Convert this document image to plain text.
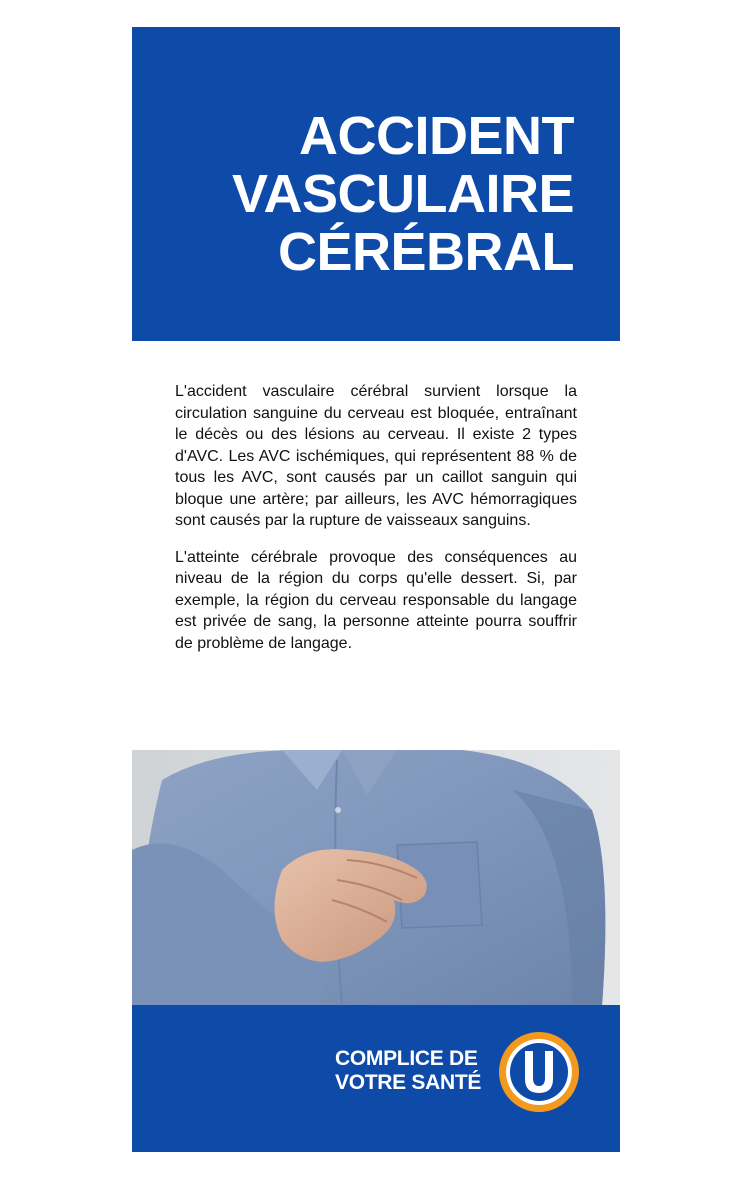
ACCIDENT
VASCULAIRE
CÉRÉBRAL

L'accident vasculaire cérébral survient lorsque la circulation sanguine du cerveau est bloquée, entraînant le décès ou des lésions au cerveau. Il existe 2 types d'AVC. Les AVC ischémiques, qui représentent 88 % de tous les AVC, sont causés par un caillot sanguin qui bloque une artère; par ailleurs, les AVC hémorragiques sont causés par la rupture de vaisseaux sanguins.

L'atteinte cérébrale provoque des conséquences au niveau de la région du corps qu'elle dessert. Si, par exemple, la région du cerveau responsable du langage est privée de sang, la personne atteinte pourra souffrir de problème de langage.

COMPLICE DE
VOTRE SANTÉ
